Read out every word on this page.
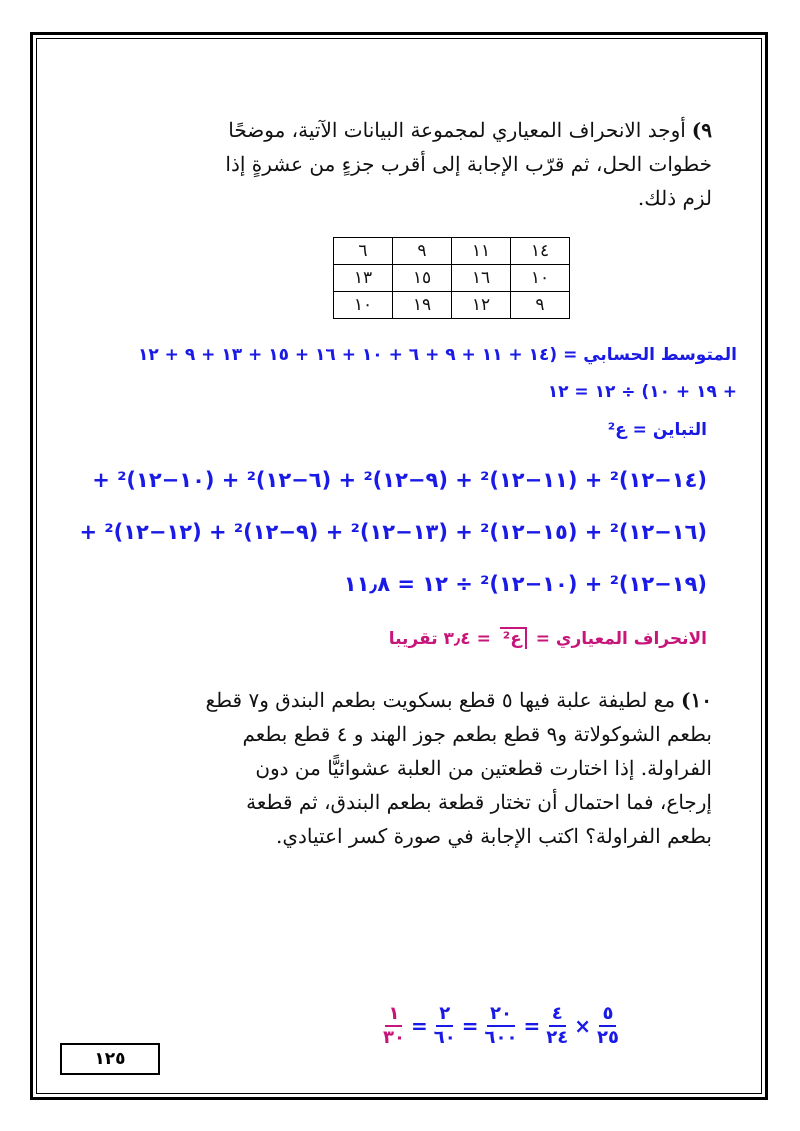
٩)أوجد الانحراف المعياري لمجموعة البيانات الآتية، موضحًا
خطوات الحل، ثم قرّب الإجابة إلى أقرب جزءٍ من عشرةٍ إذا
لزم ذلك.
١٤	١١	٩	٦
١٠	١٦	١٥	١٣
٩	١٢	١٩	١٠
المتوسط الحسابي = (١٤ + ١١ + ٩ + ٦ + ١٠ + ١٦ + ١٥ + ١٣ + ٩ + ١٢
+ ١٩ + ١٠) ÷ ١٢ = ١٢
التباين = ع²
(١٤−١٢)² + (١١−١٢)² + (٩−١٢)² + (٦−١٢)² + (١٠−١٢)² +
(١٦−١٢)² + (١٥−١٢)² + (١٣−١٢)² + (٩−١٢)² + (١٢−١٢)² +
(١٩−١٢)² + (١٠−١٢)² ÷ ١٢ = ١١٫٨
الانحراف المعياري = ع² = ٣٫٤ تقريبا
١٠)مع لطيفة علبة فيها ٥ قطع بسكويت بطعم البندق و٧ قطع
بطعم الشوكولاتة و٩ قطع بطعم جوز الهند و ٤ قطع بطعم
الفراولة. إذا اختارت قطعتين من العلبة عشوائيًّا من دون
إرجاع، فما احتمال أن تختار قطعة بطعم البندق، ثم قطعة
بطعم الفراولة؟ اكتب الإجابة في صورة كسر اعتيادي.
$\frac{١}{٣٠} = \frac{٢}{٦٠} = \frac{٢٠}{٦٠٠} = \frac{٤}{٢٤} \times \frac{٥}{٢٥}$
١٢٥
